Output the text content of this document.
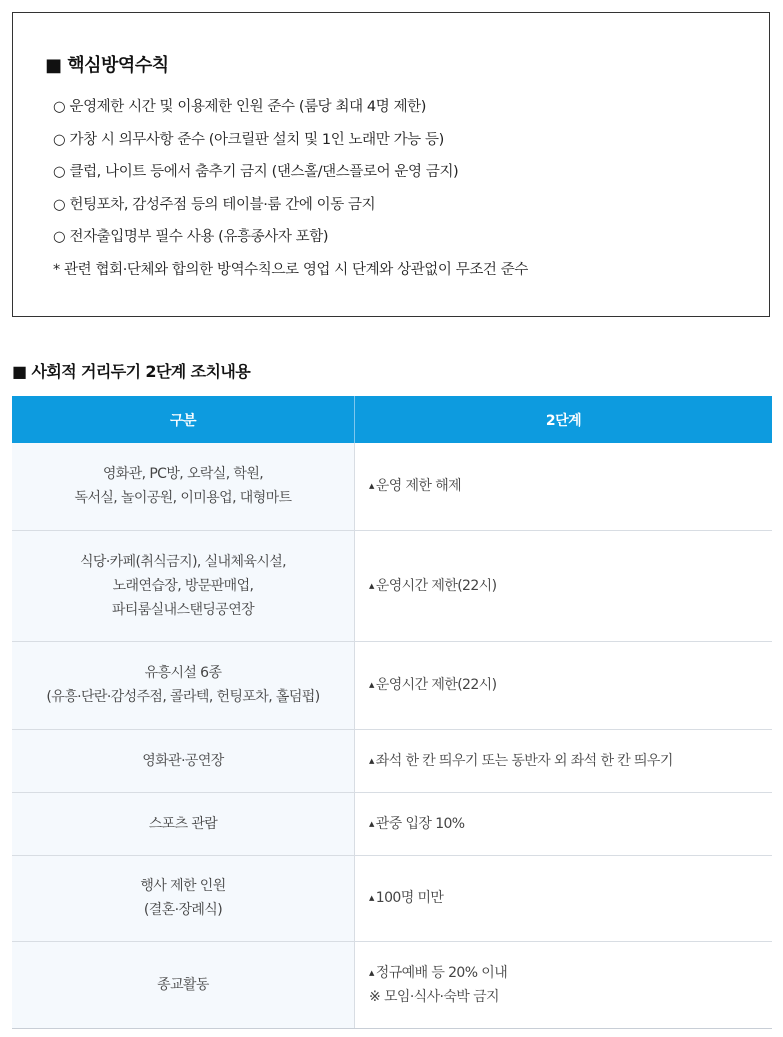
■ 핵심방역수칙
○ 운영제한 시간 및 이용제한 인원 준수 (룸당 최대 4명 제한)
○ 가창 시 의무사항 준수 (아크릴판 설치 및 1인 노래만 가능 등)
○ 클럽, 나이트 등에서 춤추기 금지 (댄스홀/댄스플로어 운영 금지)
○ 헌팅포차, 감성주점 등의 테이블·룸 간에 이동 금지
○ 전자출입명부 필수 사용 (유흥종사자 포함)
* 관련 협회·단체와 합의한 방역수칙으로 영업 시 단계와 상관없이 무조건 준수
■ 사회적 거리두기 2단계 조치내용
구분	2단계

영화관, PC방, 오락실, 학원,
독서실, 놀이공원, 이미용업, 대형마트	▲ 운영 제한 해제

식당·카페(취식금지), 실내체육시설,
노래연습장, 방문판매업,
파티룸실내스탠딩공연장	▲ 운영시간 제한(22시)

유흥시설 6종
(유흥·단란·감성주점, 콜라텍, 헌팅포차, 홀덤펍)	▲ 운영시간 제한(22시)

영화관·공연장	▲ 좌석 한 칸 띄우기 또는 동반자 외 좌석 한 칸 띄우기

스포츠 관람	▲ 관중 입장 10%

행사 제한 인원
(결혼·장례식)	▲ 100명 미만

종교활동	▲ 정규예배 등 20% 이내
※ 모임·식사·숙박 금지
